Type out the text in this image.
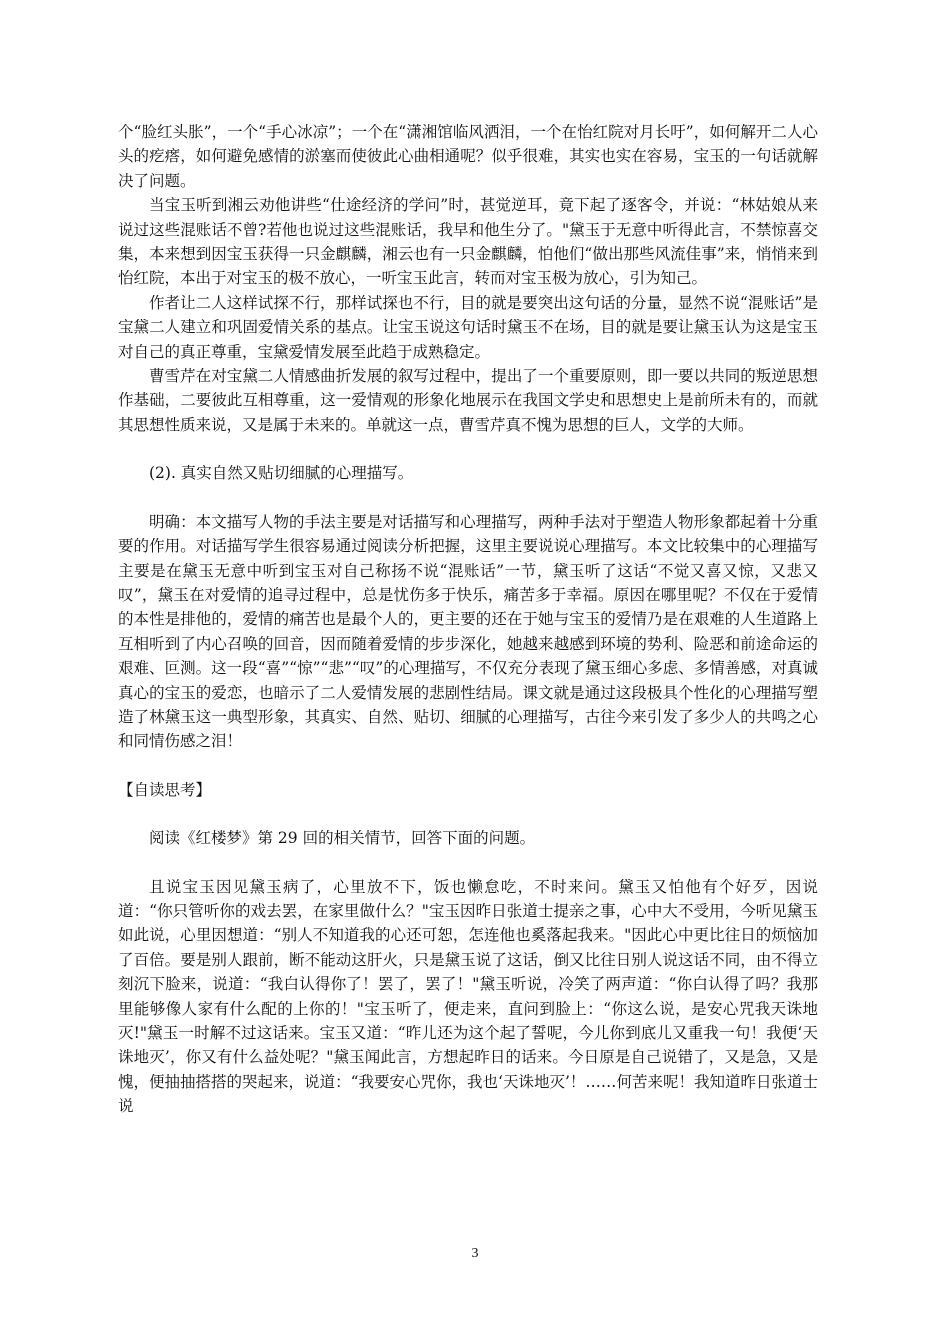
个“脸红头胀”，一个“手心冰凉”；一个在“潇湘馆临风洒泪，一个在怡红院对月长吁”，如何解开二人心头的疙瘩，如何避免感情的淤塞而使彼此心曲相通呢？似乎很难，其实也实在容易，宝玉的一句话就解决了问题。

当宝玉听到湘云劝他讲些“仕途经济的学问”时，甚觉逆耳，竟下起了逐客令，并说：“林姑娘从来说过这些混账话不曾?若他也说过这些混账话，我早和他生分了。"黛玉于无意中听得此言，不禁惊喜交集，本来想到因宝玉获得一只金麒麟，湘云也有一只金麒麟，怕他们“做出那些风流佳事”来，悄悄来到怡红院，本出于对宝玉的极不放心，一听宝玉此言，转而对宝玉极为放心，引为知己。

作者让二人这样试探不行，那样试探也不行，目的就是要突出这句话的分量，显然不说“混账话”是宝黛二人建立和巩固爱情关系的基点。让宝玉说这句话时黛玉不在场，目的就是要让黛玉认为这是宝玉对自己的真正尊重，宝黛爱情发展至此趋于成熟稳定。

曹雪芹在对宝黛二人情感曲折发展的叙写过程中，提出了一个重要原则，即一要以共同的叛逆思想作基础，二要彼此互相尊重，这一爱情观的形象化地展示在我国文学史和思想史上是前所未有的，而就其思想性质来说，又是属于未来的。单就这一点，曹雪芹真不愧为思想的巨人，文学的大师。

(2). 真实自然又贴切细腻的心理描写。

明确：本文描写人物的手法主要是对话描写和心理描写，两种手法对于塑造人物形象都起着十分重要的作用。对话描写学生很容易通过阅读分析把握，这里主要说说心理描写。本文比较集中的心理描写主要是在黛玉无意中听到宝玉对自己称扬不说“混账话”一节，黛玉听了这话“不觉又喜又惊，又悲又叹”，黛玉在对爱情的追寻过程中，总是忧伤多于快乐，痛苦多于幸福。原因在哪里呢？不仅在于爱情的本性是排他的，爱情的痛苦也是最个人的，更主要的还在于她与宝玉的爱情乃是在艰难的人生道路上互相听到了内心召唤的回音，因而随着爱情的步步深化，她越来越感到环境的势利、险恶和前途命运的艰难、叵测。这一段“喜”“惊”“悲”“叹”的心理描写，不仅充分表现了黛玉细心多虑、多情善感，对真诚真心的宝玉的爱恋，也暗示了二人爱情发展的悲剧性结局。课文就是通过这段极具个性化的心理描写塑造了林黛玉这一典型形象，其真实、自然、贴切、细腻的心理描写，古往今来引发了多少人的共鸣之心和同情伤感之泪！

【自读思考】

阅读《红楼梦》第 29 回的相关情节，回答下面的问题。

且说宝玉因见黛玉病了，心里放不下，饭也懒怠吃，不时来问。黛玉又怕他有个好歹，因说道：“你只管听你的戏去罢，在家里做什么？"宝玉因昨日张道士提亲之事，心中大不受用，今听见黛玉如此说，心里因想道：“别人不知道我的心还可恕，怎连他也奚落起我来。"因此心中更比往日的烦恼加了百倍。要是别人跟前，断不能动这肝火，只是黛玉说了这话，倒又比往日别人说这话不同，由不得立刻沉下脸来，说道：“我白认得你了！罢了，罢了！"黛玉听说，冷笑了两声道：“你白认得了吗？我那里能够像人家有什么配的上你的！"宝玉听了，便走来，直问到脸上：“你这么说，是安心咒我天诛地灭!"黛玉一时解不过这话来。宝玉又道：“昨儿还为这个起了誓呢，今儿你到底儿又重我一句！我便‘天诛地灭’，你又有什么益处呢？"黛玉闻此言，方想起昨日的话来。今日原是自己说错了，又是急，又是愧，便抽抽搭搭的哭起来，说道：“我要安心咒你，我也‘天诛地灭’！……何苦来呢！我知道昨日张道士说

3
